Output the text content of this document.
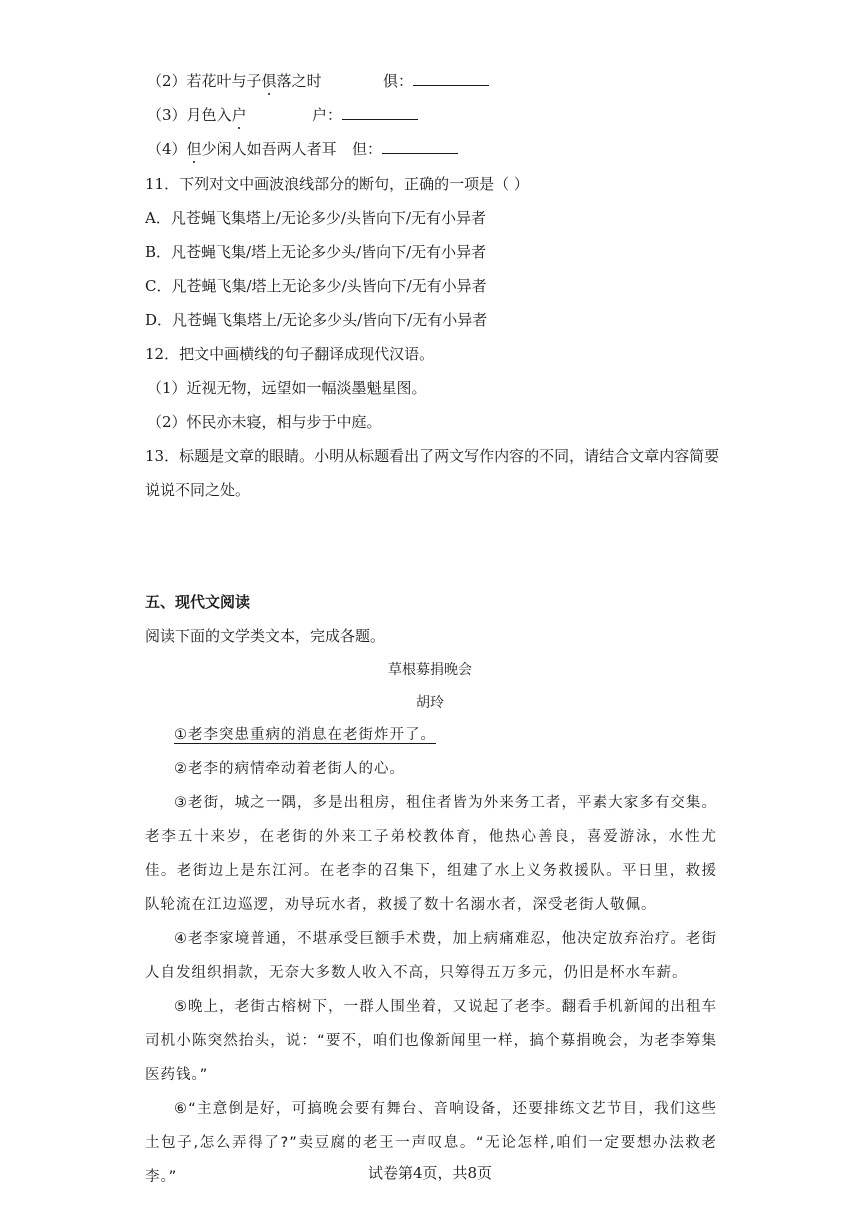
（2）若花叶与子俱落之时	俱：
（3）月色入户	户：
（4）但少闲人如吾两人者耳 但：
11．下列对文中画波浪线部分的断句，正确的一项是（ ）
A．凡苍蝇飞集塔上/无论多少/头皆向下/无有小异者
B．凡苍蝇飞集/塔上无论多少头/皆向下/无有小异者
C．凡苍蝇飞集/塔上无论多少/头皆向下/无有小异者
D．凡苍蝇飞集塔上/无论多少头/皆向下/无有小异者
12．把文中画横线的句子翻译成现代汉语。
（1）近视无物，远望如一幅淡墨魁星图。
（2）怀民亦未寝，相与步于中庭。
13．标题是文章的眼睛。小明从标题看出了两文写作内容的不同，请结合文章内容简要
说说不同之处。
五、现代文阅读
阅读下面的文学类文本，完成各题。
草根募捐晚会
胡玲

①老李突患重病的消息在老街炸开了。

②老李的病情牵动着老街人的心。

③老街，城之一隅，多是出租房，租住者皆为外来务工者，平素大家多有交集。老李五十来岁，在老街的外来工子弟校教体育，他热心善良，喜爱游泳，水性尤佳。老街边上是东江河。在老李的召集下，组建了水上义务救援队。平日里，救援队轮流在江边巡逻，劝导玩水者，救援了数十名溺水者，深受老街人敬佩。

④老李家境普通，不堪承受巨额手术费，加上病痛难忍，他决定放弃治疗。老街人自发组织捐款，无奈大多数人收入不高，只筹得五万多元，仍旧是杯水车薪。

⑤晚上，老街古榕树下，一群人围坐着，又说起了老李。翻看手机新闻的出租车司机小陈突然抬头，说：“要不，咱们也像新闻里一样，搞个募捐晚会，为老李筹集医药钱。”

⑥“主意倒是好，可搞晚会要有舞台、音响设备，还要排练文艺节目，我们这些土包子,怎么弄得了?”卖豆腐的老王一声叹息。“无论怎样,咱们一定要想办法救老李。”	试卷第4页，共8页
